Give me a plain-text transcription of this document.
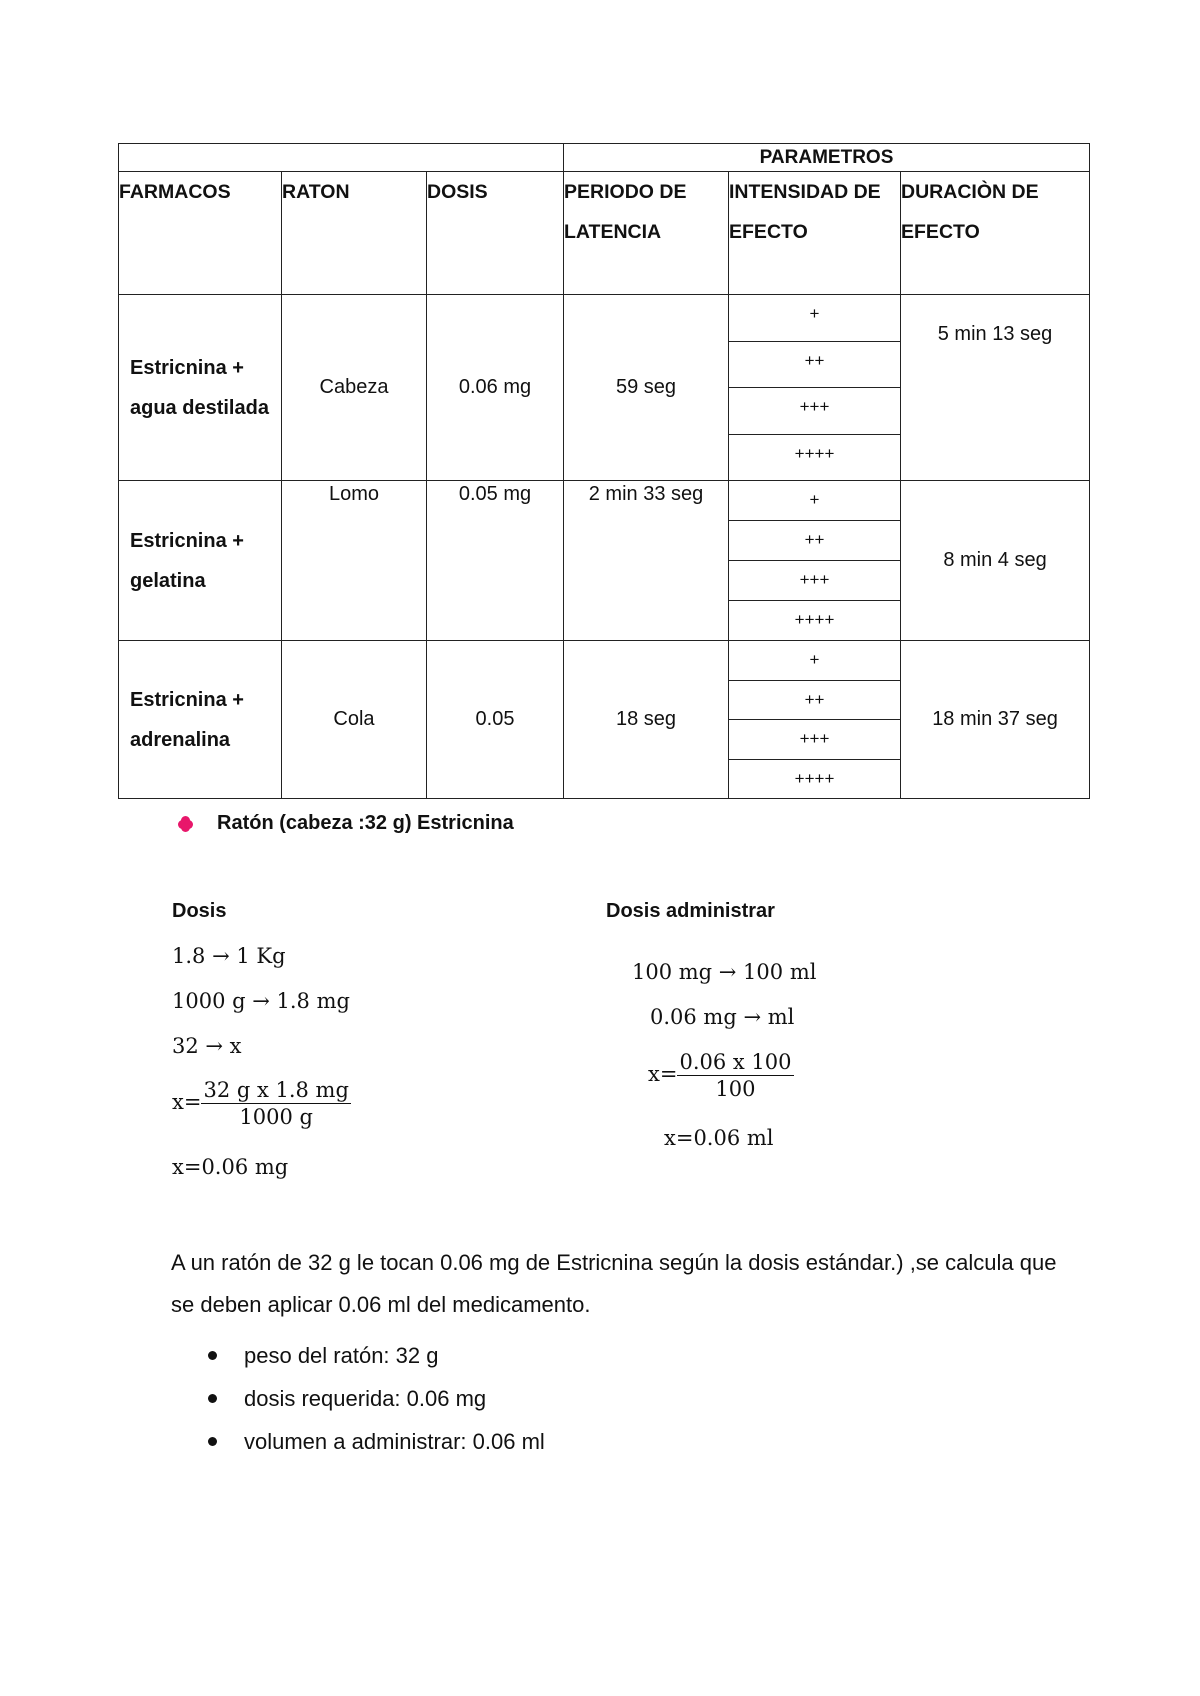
			PARAMETROS		
FARMACOS	RATON	DOSIS	PERIODO DE LATENCIA	INTENSIDAD DE EFECTO	DURACIÒN DE EFECTO
Estricnina + agua destilada	Cabeza	0.06 mg	59 seg	+
++
+++
++++	5 min 13 seg
Estricnina + gelatina	Lomo	0.05 mg	2 min 33 seg	+
++
+++
++++	8 min 4 seg
Estricnina + adrenalina	Cola	0.05	18 seg	+
++
+++
++++	18 min 37 seg
Ratón (cabeza :32 g) Estricnina
Dosis
1.8 → 1 Kg
1000 g → 1.8 mg
32 → x
$x= \frac{\text{32 g x 1.8 mg}}{1000 g}$
x=0.06 mg
Dosis administrar
100 mg → 100 ml
0.06 mg → ml
$x= \frac{0.06 x 100}{100}$
x=0.06 ml
A un ratón de 32 g le tocan 0.06 mg de Estricnina según la dosis estándar.) ,se calcula que se deben aplicar 0.06 ml del medicamento.
peso del ratón: 32 g
dosis requerida: 0.06 mg
volumen a administrar: 0.06 ml
